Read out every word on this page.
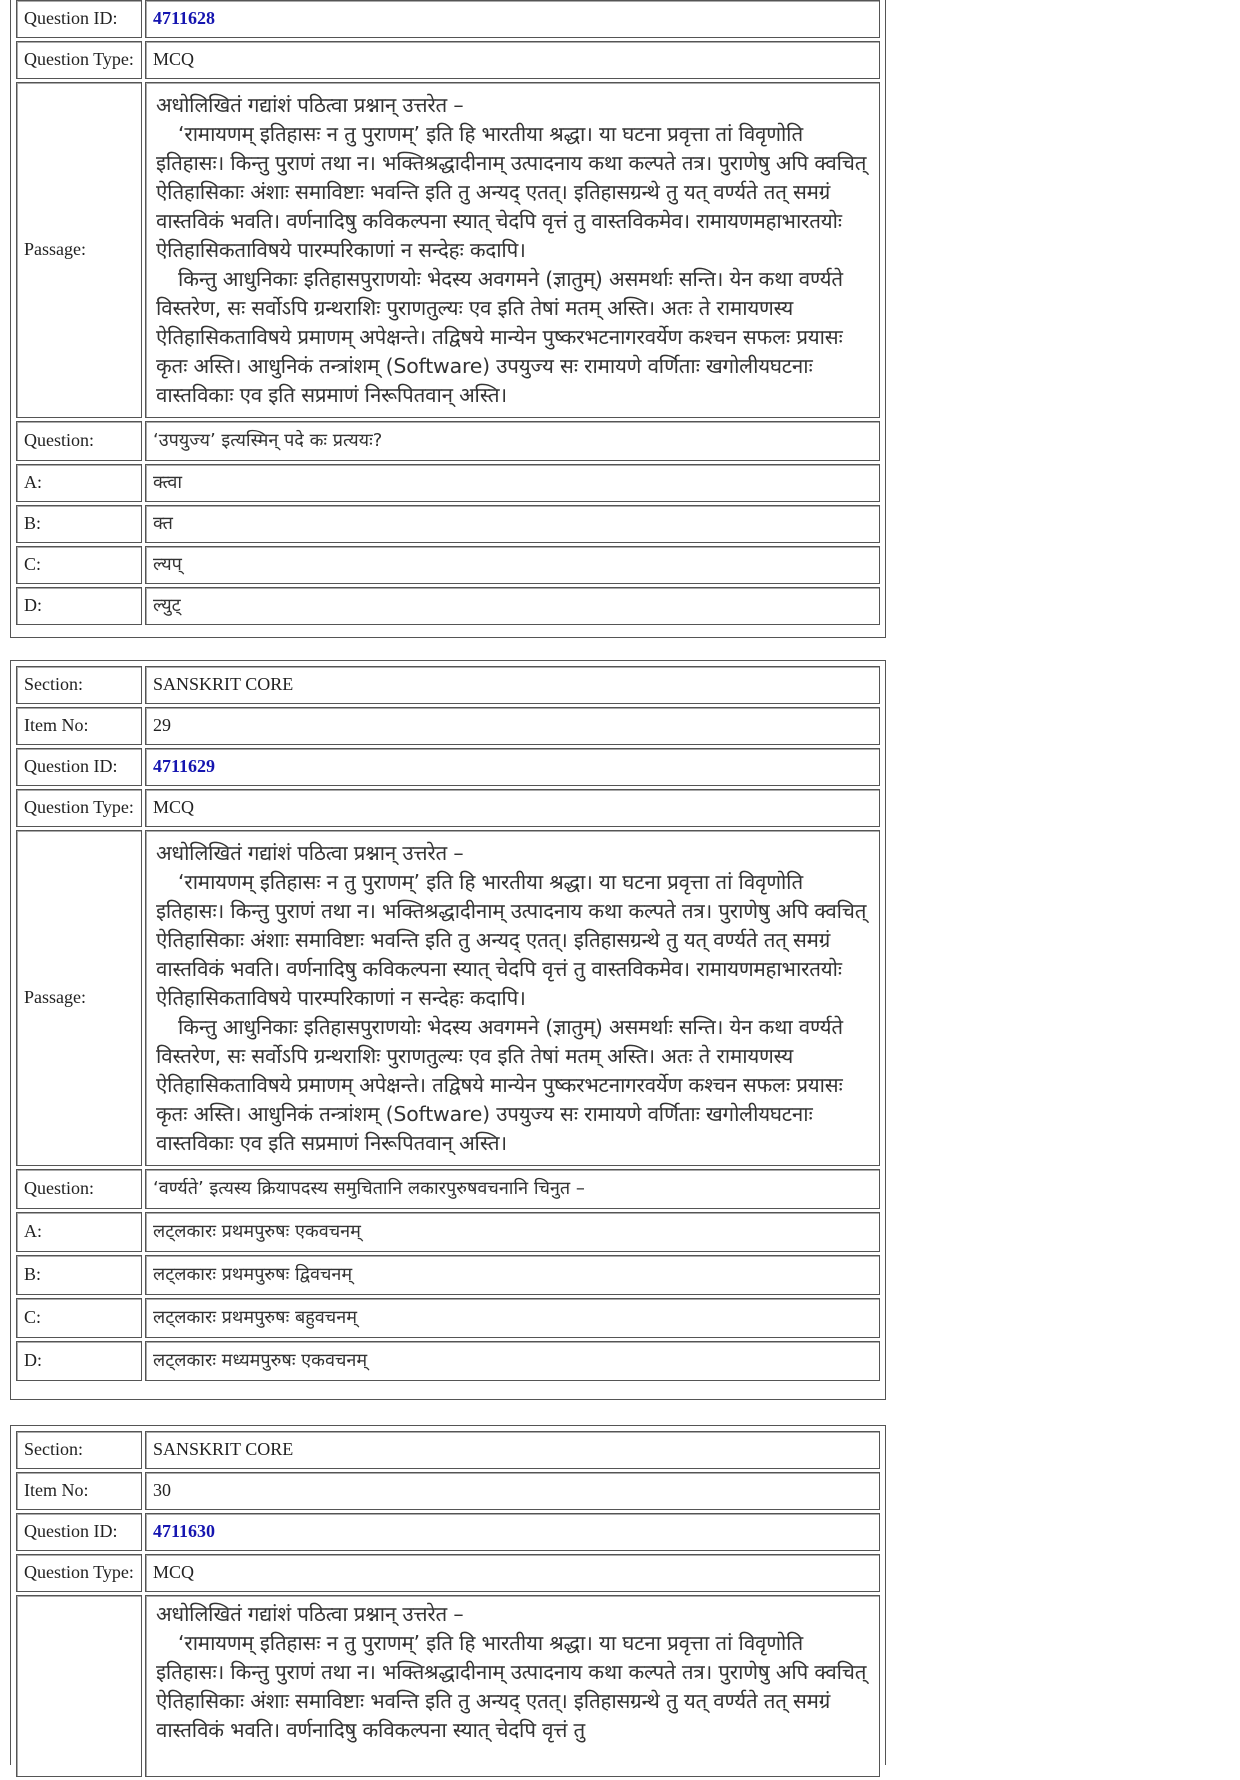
Question ID:	4711628
Question Type:	MCQ
Passage:	अधोलिखितं गद्यांशं पठित्वा प्रश्नान् उत्तरेत –

‘रामायणम् इतिहासः न तु पुराणम्’ इति हि भारतीया श्रद्धा। या घटना प्रवृत्ता तां विवृणोति इतिहासः। किन्तु पुराणं तथा न। भक्तिश्रद्धादीनाम् उत्पादनाय कथा कल्पते तत्र। पुराणेषु अपि क्वचित् ऐतिहासिकाः अंशाः समाविष्टाः भवन्ति इति तु अन्यद् एतत्। इतिहासग्रन्थे तु यत् वर्ण्यते तत् समग्रं वास्तविकं भवति। वर्णनादिषु कविकल्पना स्यात् चेदपि वृत्तं तु वास्तविकमेव। रामायणमहाभारतयोः ऐतिहासिकताविषये पारम्परिकाणां न सन्देहः कदापि।

किन्तु आधुनिकाः इतिहासपुराणयोः भेदस्य अवगमने (ज्ञातुम्) असमर्थाः सन्ति। येन कथा वर्ण्यते विस्तरेण, सः सर्वोऽपि ग्रन्थराशिः पुराणतुल्यः एव इति तेषां मतम् अस्ति। अतः ते रामायणस्य ऐतिहासिकताविषये प्रमाणम् अपेक्षन्ते। तद्विषये मान्येन पुष्करभटनागरवर्येण कश्चन सफलः प्रयासः कृतः अस्ति। आधुनिकं तन्त्रांशम् (Software) उपयुज्य सः रामायणे वर्णिताः खगोलीयघटनाः वास्तविकाः एव इति सप्रमाणं निरूपितवान् अस्ति।

Question:	‘उपयुज्य’ इत्यस्मिन् पदे कः प्रत्ययः?
A:	क्त्वा
B:	क्त
C:	ल्यप्
D:	ल्युट्
Section:	SANSKRIT CORE
Item No:	29
Question ID:	4711629
Question Type:	MCQ
Passage:	अधोलिखितं गद्यांशं पठित्वा प्रश्नान् उत्तरेत –

‘रामायणम् इतिहासः न तु पुराणम्’ इति हि भारतीया श्रद्धा। या घटना प्रवृत्ता तां विवृणोति इतिहासः। किन्तु पुराणं तथा न। भक्तिश्रद्धादीनाम् उत्पादनाय कथा कल्पते तत्र। पुराणेषु अपि क्वचित् ऐतिहासिकाः अंशाः समाविष्टाः भवन्ति इति तु अन्यद् एतत्। इतिहासग्रन्थे तु यत् वर्ण्यते तत् समग्रं वास्तविकं भवति। वर्णनादिषु कविकल्पना स्यात् चेदपि वृत्तं तु वास्तविकमेव। रामायणमहाभारतयोः ऐतिहासिकताविषये पारम्परिकाणां न सन्देहः कदापि।

किन्तु आधुनिकाः इतिहासपुराणयोः भेदस्य अवगमने (ज्ञातुम्) असमर्थाः सन्ति। येन कथा वर्ण्यते विस्तरेण, सः सर्वोऽपि ग्रन्थराशिः पुराणतुल्यः एव इति तेषां मतम् अस्ति। अतः ते रामायणस्य ऐतिहासिकताविषये प्रमाणम् अपेक्षन्ते। तद्विषये मान्येन पुष्करभटनागरवर्येण कश्चन सफलः प्रयासः कृतः अस्ति। आधुनिकं तन्त्रांशम् (Software) उपयुज्य सः रामायणे वर्णिताः खगोलीयघटनाः वास्तविकाः एव इति सप्रमाणं निरूपितवान् अस्ति।

Question:	‘वर्ण्यते’ इत्यस्य क्रियापदस्य समुचितानि लकारपुरुषवचनानि चिनुत –
A:	लट्लकारः प्रथमपुरुषः एकवचनम्
B:	लट्लकारः प्रथमपुरुषः द्विवचनम्
C:	लट्लकारः प्रथमपुरुषः बहुवचनम्
D:	लट्लकारः मध्यमपुरुषः एकवचनम्
Section:	SANSKRIT CORE
Item No:	30
Question ID:	4711630
Question Type:	MCQ

	अधोलिखितं गद्यांशं पठित्वा प्रश्नान् उत्तरेत –

‘रामायणम् इतिहासः न तु पुराणम्’ इति हि भारतीया श्रद्धा। या घटना प्रवृत्ता तां विवृणोति इतिहासः। किन्तु पुराणं तथा न। भक्तिश्रद्धादीनाम् उत्पादनाय कथा कल्पते तत्र। पुराणेषु अपि क्वचित् ऐतिहासिकाः अंशाः समाविष्टाः भवन्ति इति तु अन्यद् एतत्। इतिहासग्रन्थे तु यत् वर्ण्यते तत् समग्रं वास्तविकं भवति। वर्णनादिषु कविकल्पना स्यात् चेदपि वृत्तं तु
